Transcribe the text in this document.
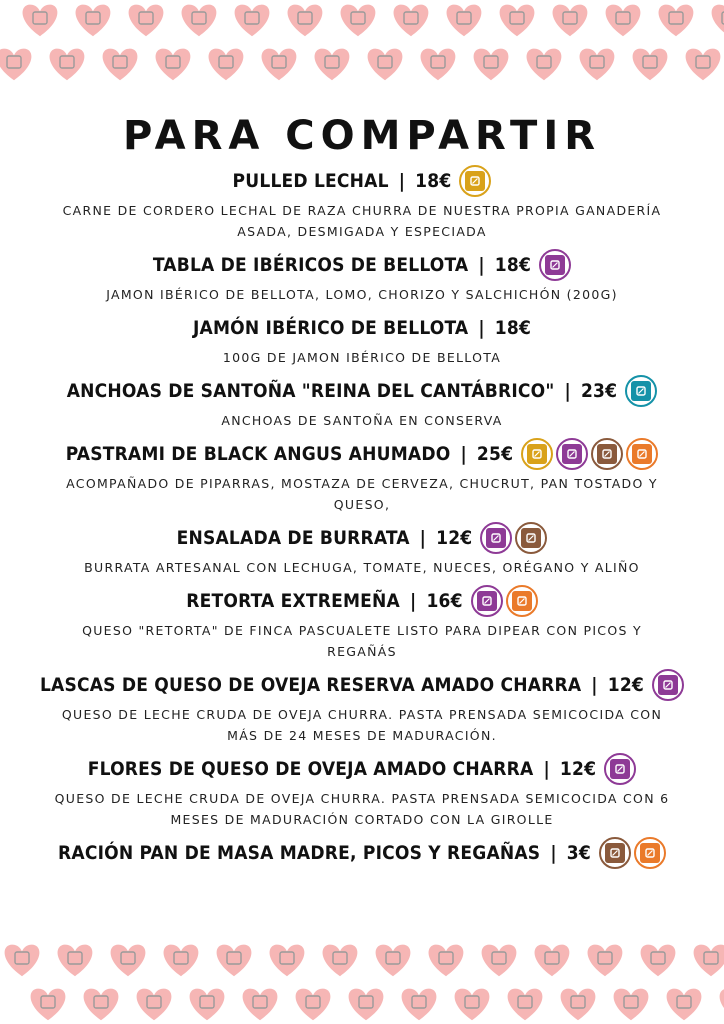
PARA COMPARTIR
PULLED LECHAL | 18€
CARNE DE CORDERO LECHAL DE RAZA CHURRA DE NUESTRA PROPIA GANADERÍA ASADA, DESMIGADA Y ESPECIADA
TABLA DE IBÉRICOS DE BELLOTA | 18€
JAMON IBÉRICO DE BELLOTA, LOMO, CHORIZO Y SALCHICHÓN (200G)
JAMÓN IBÉRICO DE BELLOTA | 18€
100G DE JAMON IBÉRICO DE BELLOTA
ANCHOAS DE SANTOÑA "REINA DEL CANTÁBRICO" | 23€
ANCHOAS DE SANTOÑA EN CONSERVA
PASTRAMI DE BLACK ANGUS AHUMADO | 25€
ACOMPAÑADO DE PIPARRAS, MOSTAZA DE CERVEZA, CHUCRUT, PAN TOSTADO Y QUESO,
ENSALADA DE BURRATA | 12€
BURRATA ARTESANAL CON LECHUGA, TOMATE, NUECES, ORÉGANO Y ALIÑO
RETORTA EXTREMEÑA | 16€
QUESO "RETORTA" DE FINCA PASCUALETE LISTO PARA DIPEAR CON PICOS Y REGAÑÁS
LASCAS DE QUESO DE OVEJA RESERVA AMADO CHARRA | 12€
QUESO DE LECHE CRUDA DE OVEJA CHURRA. PASTA PRENSADA SEMICOCIDA CON MÁS DE 24 MESES DE MADURACIÓN.
FLORES DE QUESO DE OVEJA AMADO CHARRA | 12€
QUESO DE LECHE CRUDA DE OVEJA CHURRA. PASTA PRENSADA SEMICOCIDA CON 6 MESES DE MADURACIÓN CORTADO CON LA GIROLLE
RACIÓN PAN DE MASA MADRE, PICOS Y REGAÑAS | 3€
